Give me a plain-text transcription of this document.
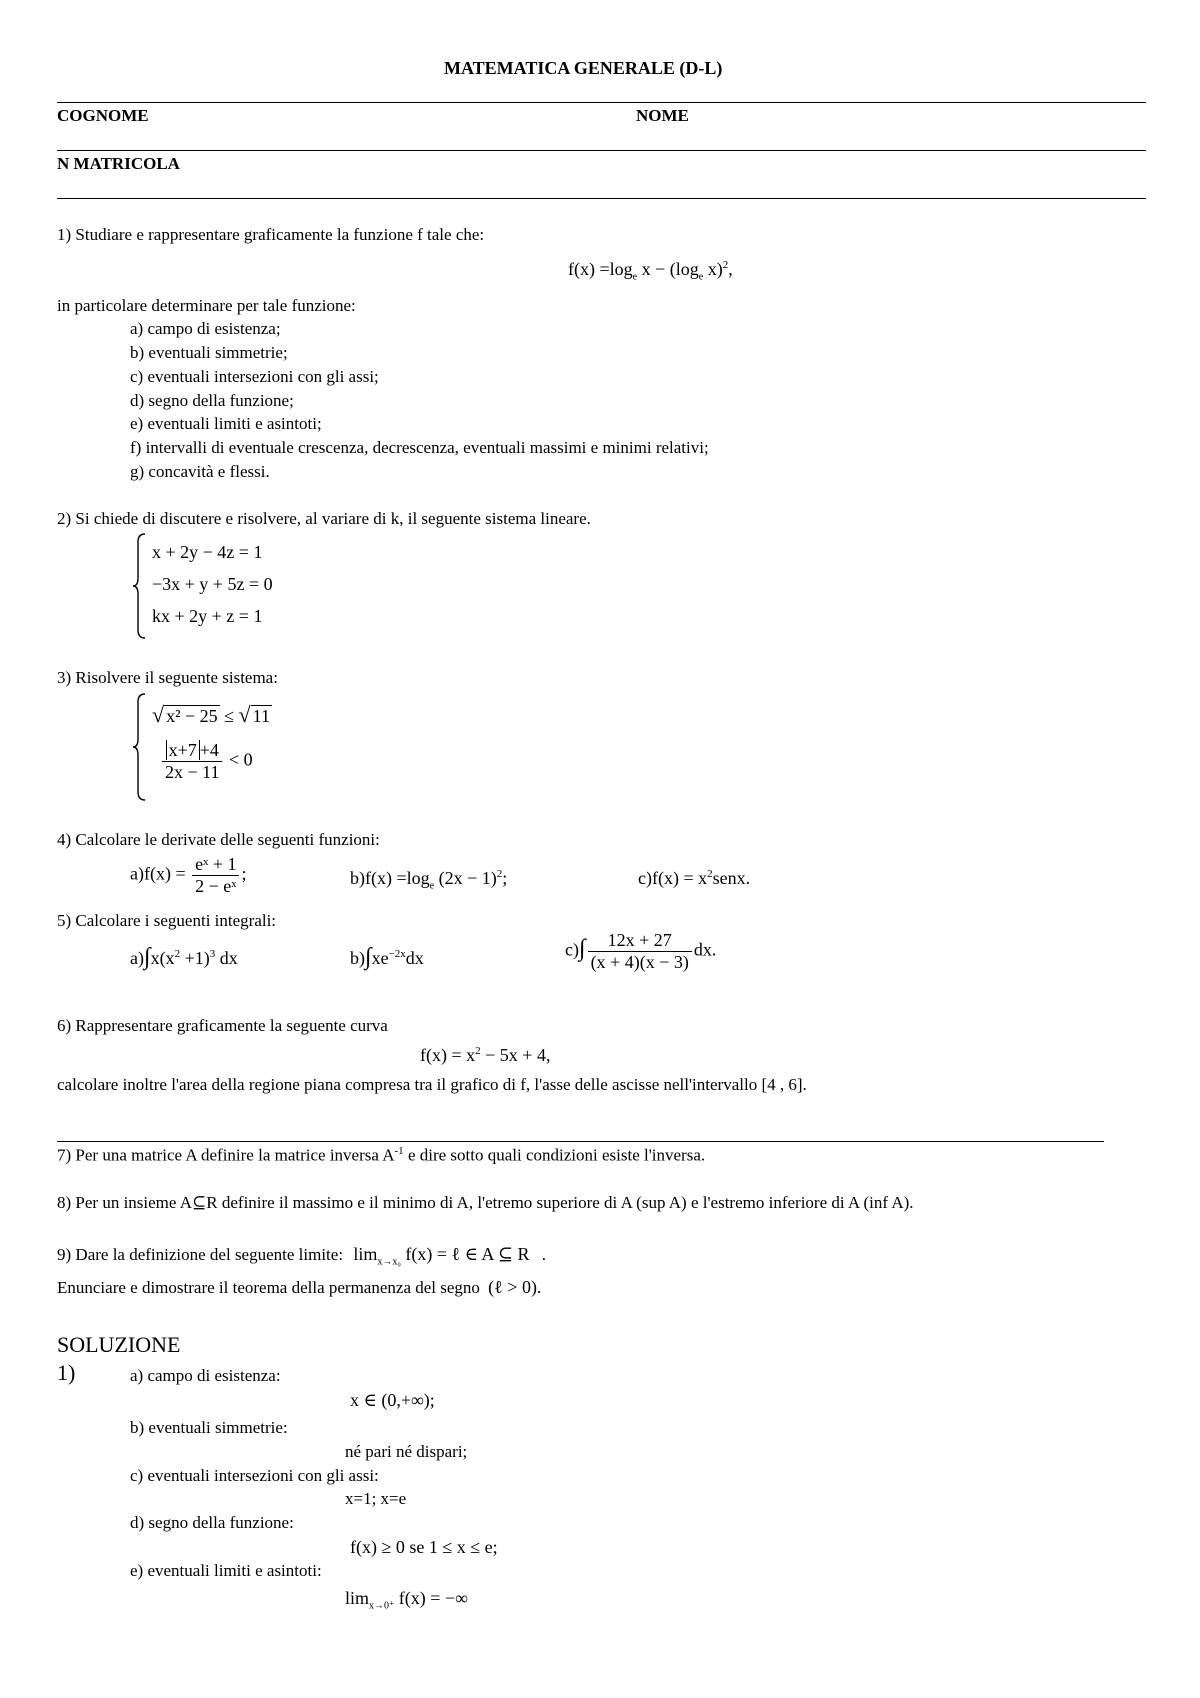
MATEMATICA GENERALE (D-L)
COGNOME	NOME
N MATRICOLA
1) Studiare e rappresentare graficamente la funzione f tale che:
$f(x) =\log_e$ $x - (\log_e$ x)$^2$,
in particolare determinare per tale funzione:
a) campo di esistenza;
b) eventuali simmetrie;
c) eventuali intersezioni con gli assi;
d) segno della funzione;
e) eventuali limiti e asintoti;
f) intervalli di eventuale crescenza, decrescenza, eventuali massimi e minimi relativi;
g) concavità e flessi.
2) Si chiede di discutere e risolvere, al variare di k, il seguente sistema lineare.
x + 2y − 4z = 1
−3x + y + 5z = 0
kx + 2y + z = 1
3) Risolvere il seguente sistema:
√ x² − 25 ≤ √ 11
$\frac{x+7 +4}{2x - 11} < 0$
4) Calcolare le derivate delle seguenti funzioni:
$a)f(x) = \frac{\text{eˣ + 1}}{\text{2 − eˣ}}$ ;	$b)f(x) =\log_e$ $(2x - 1)^2$;	$c)f(x) = x^2senx$.
5) Calcolare i seguenti integrali:
$a)\int x(x^2 +1)^3$ dx	$b)\int xe^{-2x}dx$	$c)\int \frac{12x + 27}{(x + 4)(x - 3)}$ dx.
6) Rappresentare graficamente la seguente curva
$f(x) = x^2 - 5x + 4$,
calcolare inoltre l'area della regione piana compresa tra il grafico di f, l'asse delle ascisse nell'intervallo [4 , 6].
7) Per una matrice A definire la matrice inversa $A^{-1}$ e dire sotto quali condizioni esiste l'inversa.
8) Per un insieme A⊆R definire il massimo e il minimo di A, l'etremo superiore di A (sup A) e l'estremo inferiore di A (inf A).
9) Dare la definizione del seguente limite: $\lim_{x\to x_0} f(x)$ = ℓ ∈ A ⊆ R .
Enunciare e dimostrare il teorema della permanenza del segno (ℓ > 0).
SOLUZIONE
1)	a) campo di esistenza:
x ∈ (0,+∞);
b) eventuali simmetrie:
né pari né dispari;
c) eventuali intersezioni con gli assi:
x=1; x=e
d) segno della funzione:
f(x) ≥ 0 se 1 ≤ x ≤ e;
e) eventuali limiti e asintoti:
$\lim_{x\to 0^+} f(x)$ = −∞
